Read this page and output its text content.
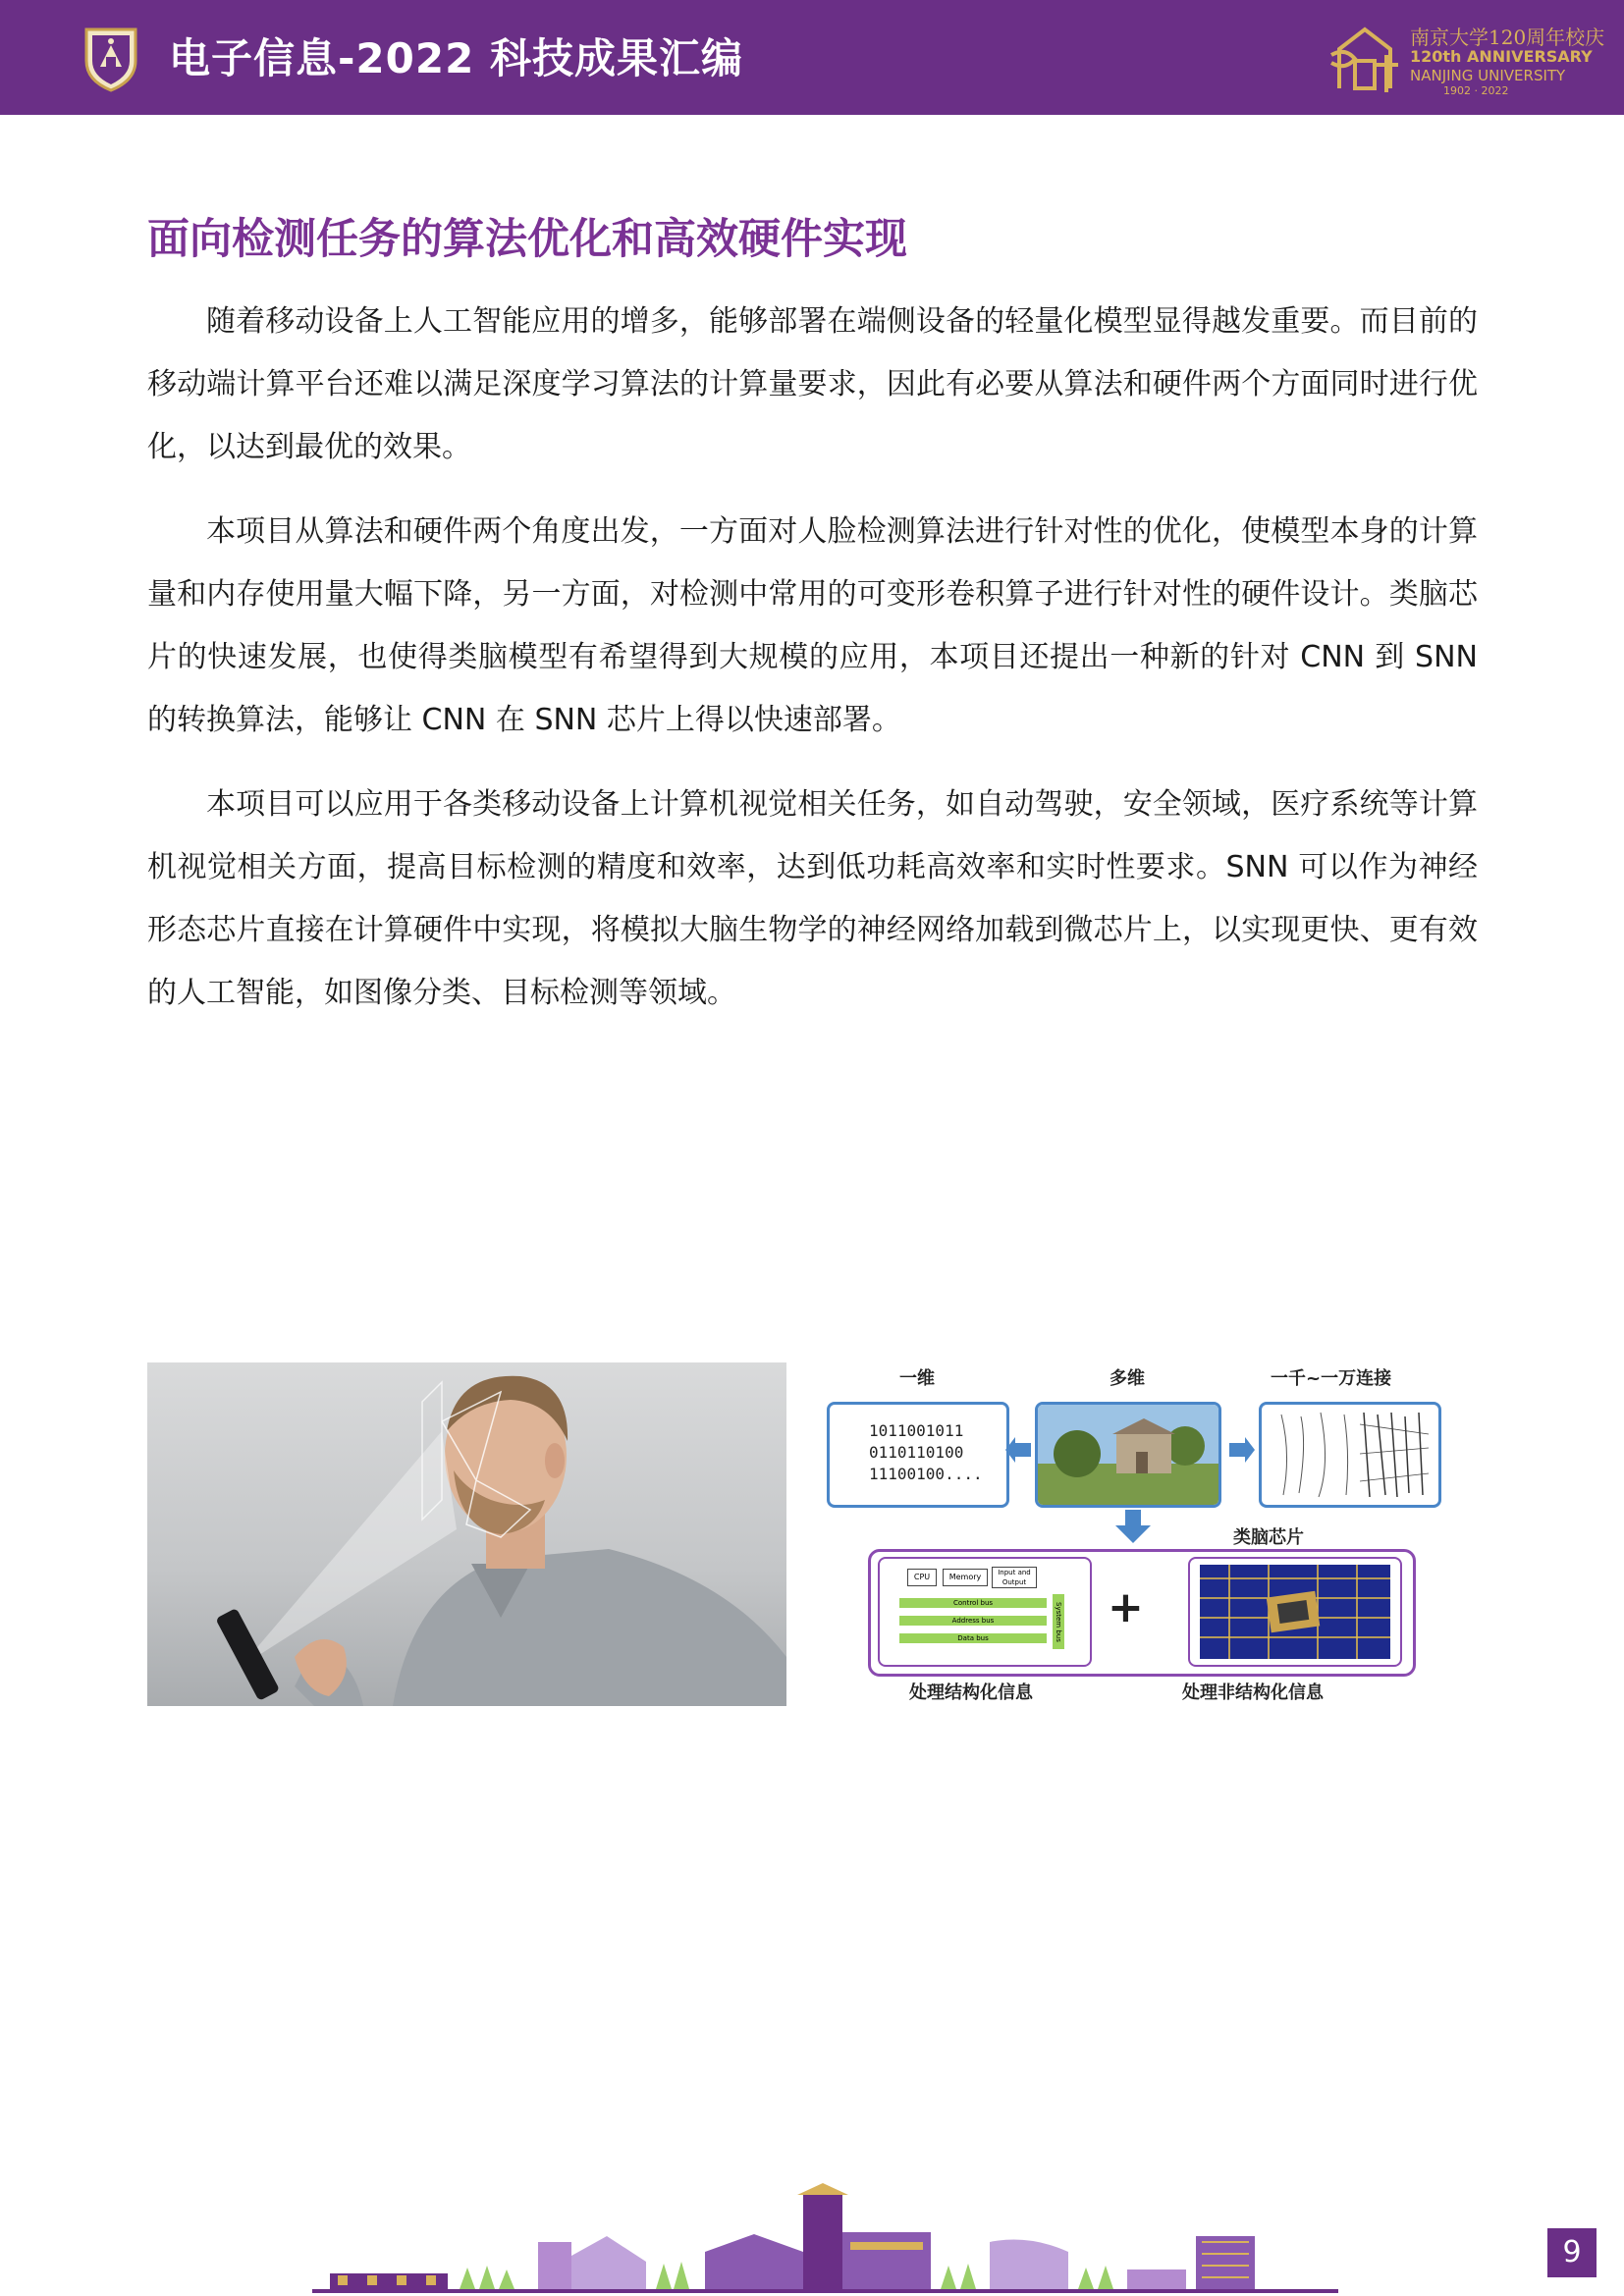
电子信息-2022 科技成果汇编	南京大学120周年校庆
120th ANNIVERSARY
NANJING UNIVERSITY
1902 · 2022
面向检测任务的算法优化和高效硬件实现

随着移动设备上人工智能应用的增多，能够部署在端侧设备的轻量化模型显得越发重要。而目前的移动端计算平台还难以满足深度学习算法的计算量要求，因此有必要从算法和硬件两个方面同时进行优化，以达到最优的效果。

本项目从算法和硬件两个角度出发，一方面对人脸检测算法进行针对性的优化，使模型本身的计算量和内存使用量大幅下降，另一方面，对检测中常用的可变形卷积算子进行针对性的硬件设计。类脑芯片的快速发展，也使得类脑模型有希望得到大规模的应用，本项目还提出一种新的针对 CNN 到 SNN 的转换算法，能够让 CNN 在 SNN 芯片上得以快速部署。

本项目可以应用于各类移动设备上计算机视觉相关任务，如自动驾驶，安全领域，医疗系统等计算机视觉相关方面，提高目标检测的精度和效率，达到低功耗高效率和实时性要求。SNN 可以作为神经形态芯片直接在计算硬件中实现，将模拟大脑生物学的神经网络加载到微芯片上，以实现更快、更有效的人工智能，如图像分类、目标检测等领域。

一维	多维	一千~一万连接
1011001011
0110110100
11100100....
类脑芯片
CPU	Memory	Input and Output
Control bus
Address bus
Data bus	System bus +
处理结构化信息	处理非结构化信息
9
